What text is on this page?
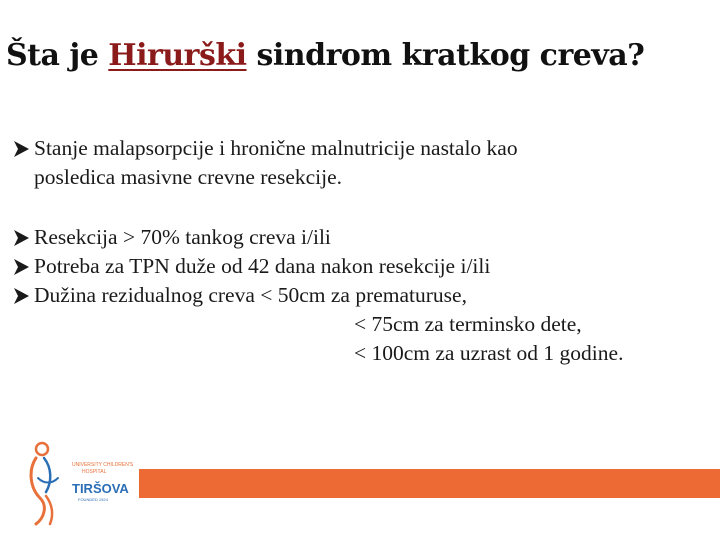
Šta je Hirurški sindrom kratkog creva?
Stanje malapsorpcije i hronične malnutricije nastalo kao
posledica masivne crevne resekcije.
Resekcija > 70% tankog creva i/ili
Potreba za TPN duže od 42 dana nakon resekcije i/ili
Dužina rezidualnog creva < 50cm za prematuruse,
< 75cm za terminsko dete,
< 100cm za uzrast od 1 godine.
UNIVERSITY CHILDREN'S
HOSPITAL
TIRŠOVA
FOUNDED 1924
